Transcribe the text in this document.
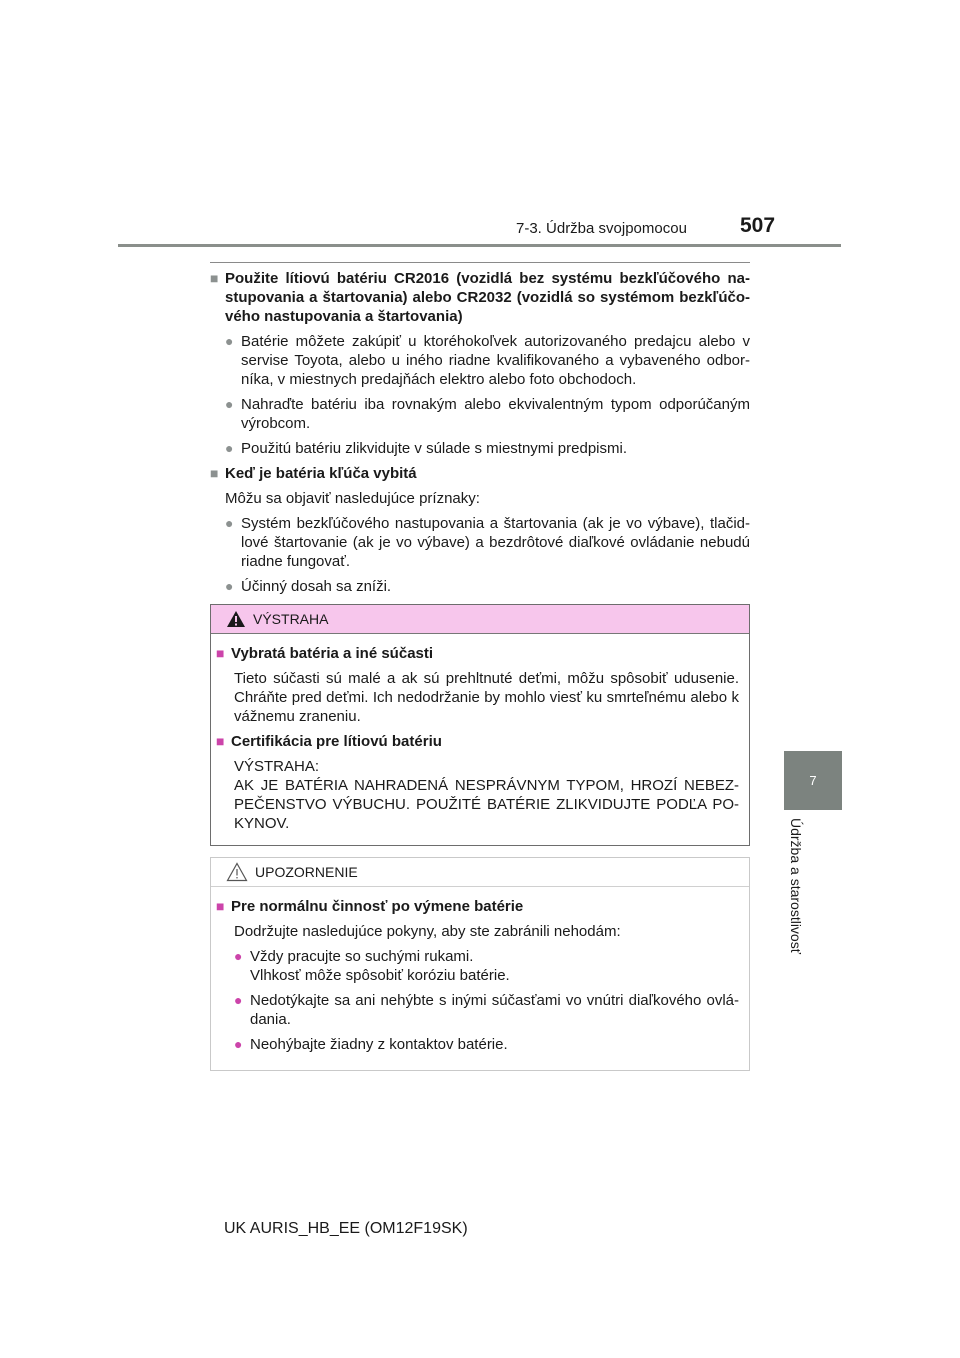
7-3. Údržba svojpomocou	507
7
Údržba a starostlivosť
■ Použite lítiovú batériu CR2016 (vozidlá bez systému bezkľúčového na-stupovania a štartovania) alebo CR2032 (vozidlá so systémom bezkľúčo-vého nastupovania a štartovania)
● Batérie môžete zakúpiť u ktoréhokoľvek autorizovaného predajcu alebo v servise Toyota, alebo u iného riadne kvalifikovaného a vybaveného odbor-níka, v miestnych predajňách elektro alebo foto obchodoch.
● Nahraďte batériu iba rovnakým alebo ekvivalentným typom odporúčaným výrobcom.
● Použitú batériu zlikvidujte v súlade s miestnymi predpismi.
■ Keď je batéria kľúča vybitá
Môžu sa objaviť nasledujúce príznaky:
● Systém bezkľúčového nastupovania a štartovania (ak je vo výbave), tlačid-lové štartovanie (ak je vo výbave) a bezdrôtové diaľkové ovládanie nebudú riadne fungovať.
● Účinný dosah sa zníži.
VÝSTRAHA
■ Vybratá batéria a iné súčasti
Tieto súčasti sú malé a ak sú prehltnuté deťmi, môžu spôsobiť udusenie. Chráňte pred deťmi. Ich nedodržanie by mohlo viesť ku smrteľnému alebo k vážnemu zraneniu.
■ Certifikácia pre lítiovú batériu
VÝSTRAHA:
AK JE BATÉRIA NAHRADENÁ NESPRÁVNYM TYPOM, HROZÍ NEBEZ-PEČENSTVO VÝBUCHU. POUŽITÉ BATÉRIE ZLIKVIDUJTE PODĽA PO-KYNOV.
UPOZORNENIE
■ Pre normálnu činnosť po výmene batérie
Dodržujte nasledujúce pokyny, aby ste zabránili nehodám:
● Vždy pracujte so suchými rukami.
Vlhkosť môže spôsobiť koróziu batérie.
● Nedotýkajte sa ani nehýbte s inými súčasťami vo vnútri diaľkového ovlá-dania.
● Neohýbajte žiadny z kontaktov batérie.
UK AURIS_HB_EE (OM12F19SK)
